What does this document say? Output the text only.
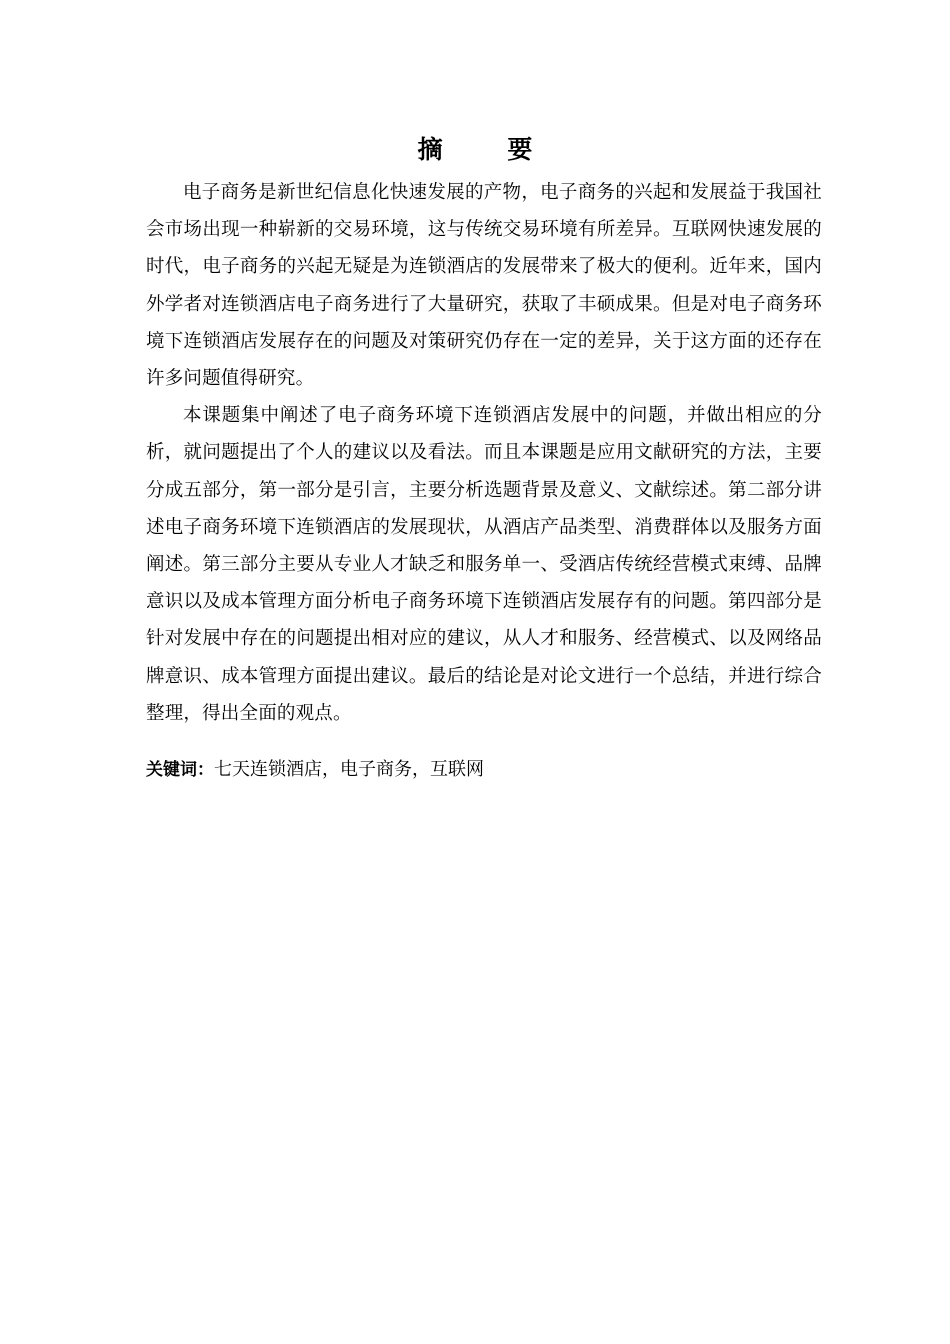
摘 要

电子商务是新世纪信息化快速发展的产物，电子商务的兴起和发展益于我国社会市场出现一种崭新的交易环境，这与传统交易环境有所差异。互联网快速发展的时代，电子商务的兴起无疑是为连锁酒店的发展带来了极大的便利。近年来，国内外学者对连锁酒店电子商务进行了大量研究，获取了丰硕成果。但是对电子商务环境下连锁酒店发展存在的问题及对策研究仍存在一定的差异，关于这方面的还存在许多问题值得研究。

本课题集中阐述了电子商务环境下连锁酒店发展中的问题，并做出相应的分析，就问题提出了个人的建议以及看法。而且本课题是应用文献研究的方法，主要分成五部分，第一部分是引言，主要分析选题背景及意义、文献综述。第二部分讲述电子商务环境下连锁酒店的发展现状，从酒店产品类型、消费群体以及服务方面阐述。第三部分主要从专业人才缺乏和服务单一、受酒店传统经营模式束缚、品牌意识以及成本管理方面分析电子商务环境下连锁酒店发展存有的问题。第四部分是针对发展中存在的问题提出相对应的建议，从人才和服务、经营模式、以及网络品牌意识、成本管理方面提出建议。最后的结论是对论文进行一个总结，并进行综合整理，得出全面的观点。

关键词：七天连锁酒店，电子商务，互联网
